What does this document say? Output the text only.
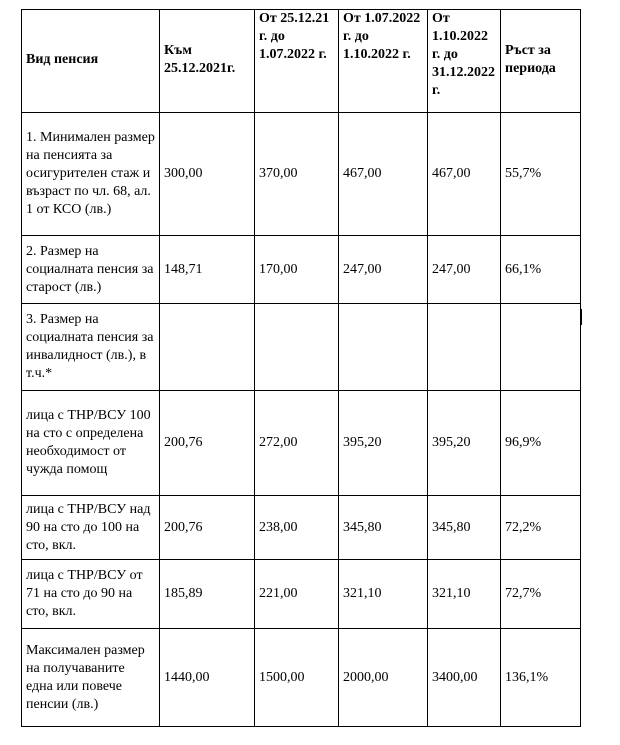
Вид пенсия	Към 25.12.2021г.	От 25.12.21 г. до 1.07.2022 г.	От 1.07.2022 г. до 1.10.2022 г.	От 1.10.2022 г. до 31.12.2022 г.	Ръст за периода
1. Минимален размер на пенсията за осигурителен стаж и възраст по чл. 68, ал. 1 от КСО (лв.)	300,00	370,00	467,00	467,00	55,7%
2. Размер на социалната пенсия за старост (лв.)	148,71	170,00	247,00	247,00	66,1%
3. Размер на социалната пенсия за инвалидност (лв.), в т.ч.*					
лица с ТНР/ВСУ 100 на сто с определена необходимост от чужда помощ	200,76	272,00	395,20	395,20	96,9%
лица с ТНР/ВСУ над 90 на сто до 100 на сто, вкл.	200,76	238,00	345,80	345,80	72,2%
лица с ТНР/ВСУ от 71 на сто до 90 на сто, вкл.	185,89	221,00	321,10	321,10	72,7%
Максимален размер на получаваните една или повече пенсии (лв.)	1440,00	1500,00	2000,00	3400,00	136,1%
